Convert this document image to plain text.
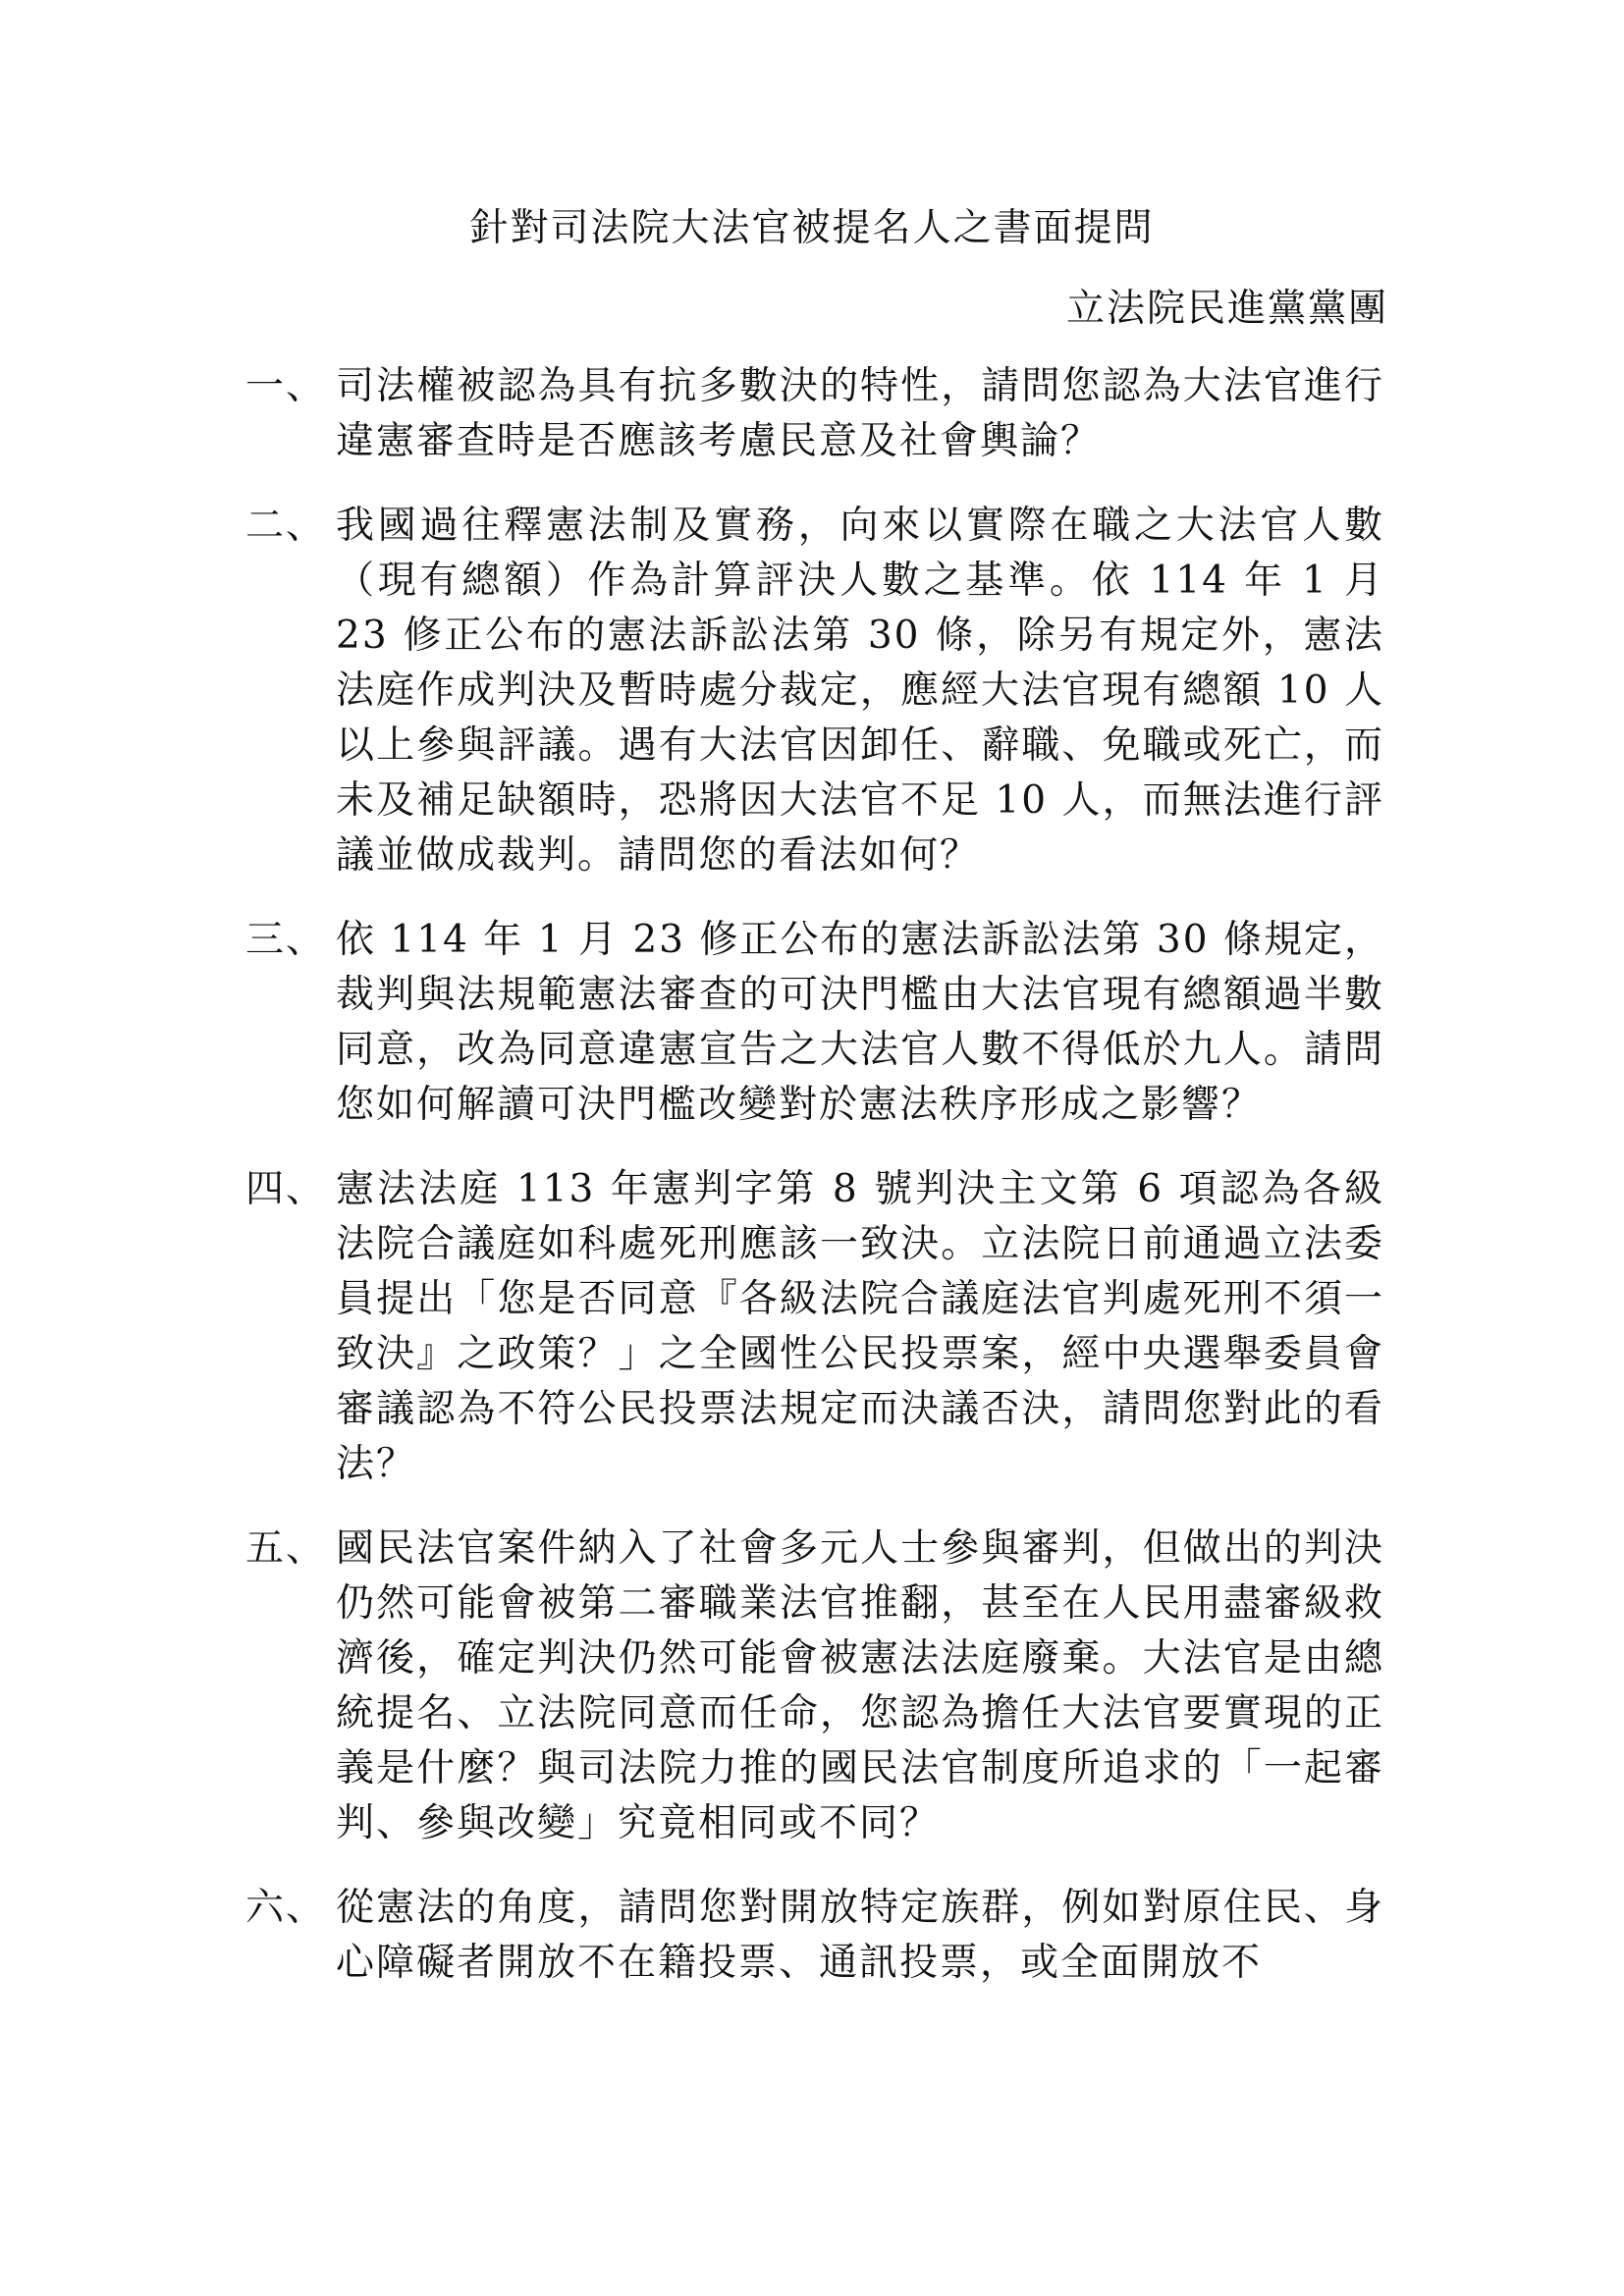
針對司法院大法官被提名人之書面提問
立法院民進黨黨團
一、 司法權被認為具有抗多數決的特性，請問您認為大法官進行違憲審查時是否應該考慮民意及社會輿論？
二、 我國過往釋憲法制及實務，向來以實際在職之大法官人數（現有總額）作為計算評決人數之基準。依 114 年 1 月 23 修正公布的憲法訴訟法第 30 條，除另有規定外，憲法法庭作成判決及暫時處分裁定，應經大法官現有總額 10 人以上參與評議。遇有大法官因卸任、辭職、免職或死亡，而未及補足缺額時，恐將因大法官不足 10 人，而無法進行評議並做成裁判。請問您的看法如何？
三、 依 114 年 1 月 23 修正公布的憲法訴訟法第 30 條規定，裁判與法規範憲法審查的可決門檻由大法官現有總額過半數同意，改為同意違憲宣告之大法官人數不得低於九人。請問您如何解讀可決門檻改變對於憲法秩序形成之影響？
四、 憲法法庭 113 年憲判字第 8 號判決主文第 6 項認為各級法院合議庭如科處死刑應該一致決。立法院日前通過立法委員提出「您是否同意『各級法院合議庭法官判處死刑不須一致決』之政策？」之全國性公民投票案，經中央選舉委員會審議認為不符公民投票法規定而決議否決，請問您對此的看法？
五、 國民法官案件納入了社會多元人士參與審判，但做出的判決仍然可能會被第二審職業法官推翻，甚至在人民用盡審級救濟後，確定判決仍然可能會被憲法法庭廢棄。大法官是由總統提名、立法院同意而任命，您認為擔任大法官要實現的正義是什麼？與司法院力推的國民法官制度所追求的「一起審判、參與改變」究竟相同或不同？
六、 從憲法的角度，請問您對開放特定族群，例如對原住民、身心障礙者開放不在籍投票、通訊投票，或全面開放不
